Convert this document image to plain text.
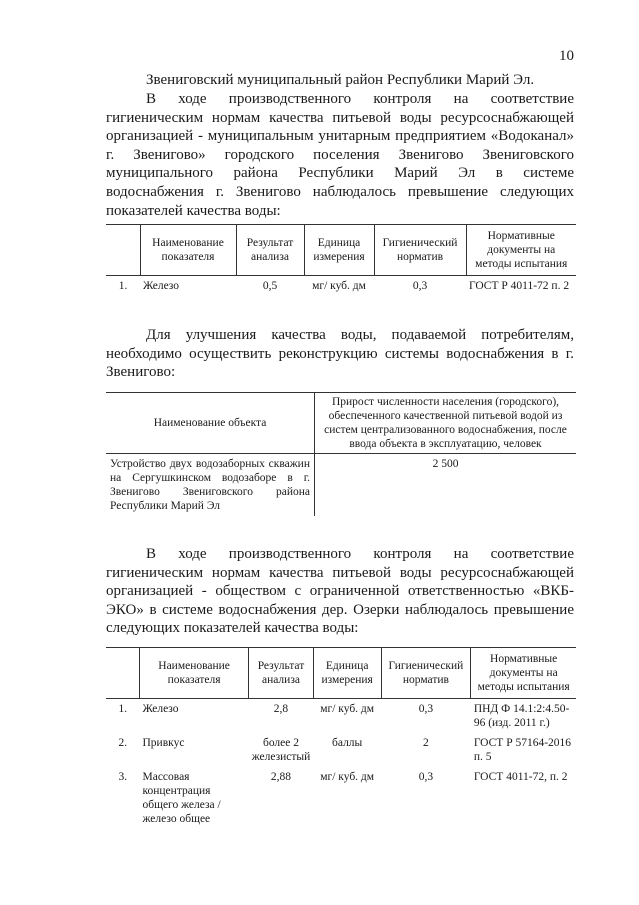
10
Звениговский муниципальный район Республики Марий Эл.

В ходе производственного контроля на соответствие гигиеническим нормам качества питьевой воды ресурсоснабжающей организацией - муниципальным унитарным предприятием «Водоканал» г. Звенигово» городского поселения Звенигово Звениговского муниципального района Республики Марий Эл в системе водоснабжения г. Звенигово наблюдалось превышение следующих показателей качества воды:

	Наименование показателя	Результат анализа	Единица измерения	Гигиенический норматив	Нормативные документы на методы испытания
1.	Железо	0,5	мг/ куб. дм	0,3	ГОСТ Р 4011-72 п. 2

Для улучшения качества воды, подаваемой потребителям, необходимо осуществить реконструкцию системы водоснабжения в г. Звенигово:

Наименование объекта	Прирост численности населения (городского), обеспеченного качественной питьевой водой из систем централизованного водоснабжения, после ввода объекта в эксплуатацию, человек
Устройство двух водозаборных скважин на Сергушкинском водозаборе в г. Звенигово Звениговского района Республики Марий Эл	2 500

В ходе производственного контроля на соответствие гигиеническим нормам качества питьевой воды ресурсоснабжающей организацией - обществом с ограниченной ответственностью «ВКБ-ЭКО» в системе водоснабжения дер. Озерки наблюдалось превышение следующих показателей качества воды:

	Наименование показателя	Результат анализа	Единица измерения	Гигиенический норматив	Нормативные документы на методы испытания
1.	Железо	2,8	мг/ куб. дм	0,3	ПНД Ф 14.1:2:4.50-96 (изд. 2011 г.)
2.	Привкус	более 2 железистый	баллы	2	ГОСТ Р 57164-2016 п. 5
3.	Массовая концентрация общего железа / железо общее	2,88	мг/ куб. дм	0,3	ГОСТ 4011-72, п. 2
